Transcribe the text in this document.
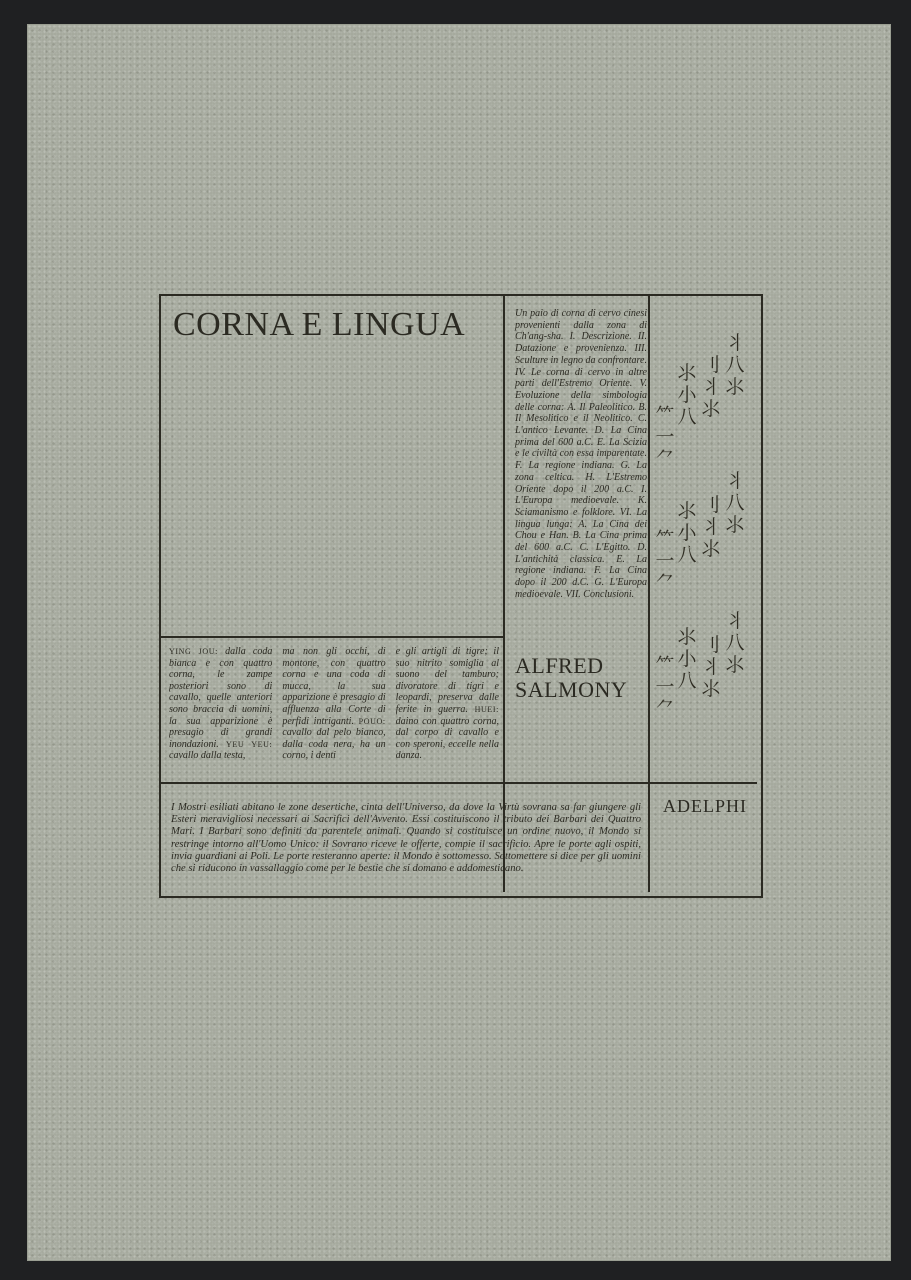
CORNA E LINGUA	Un paio di corna di cervo cinesi provenienti dalla zona di Ch'ang-sha. I. Descrizione. II. Datazione e provenienza. III. Sculture in legno da confrontare. IV. Le corna di cervo in altre parti dell'Estremo Oriente. V. Evoluzione della simbologia delle corna: A. Il Paleolitico. B. Il Mesolitico e il Neolitico. C. L'antico Levante. D. La Cina prima del 600 a.C. E. La Scizia e le civiltà con essa imparentate. F. La regione indiana. G. La zona celtica. H. L'Estremo Oriente dopo il 200 a.C. I. L'Europa medioevale. K. Sciamanismo e folklore. VI. La lingua lunga: A. La Cina dei Chou e Han. B. La Cina prima del 600 a.C. C. L'Egitto. D. L'antichità classica. E. La regione indiana. F. La Cina dopo il 200 d.C. G. L'Europa medioevale. VII. Conclusioni.
YING JOU: dalla coda bianca e con quattro corna, le zampe posteriori sono di cavallo, quelle anteriori sono braccia di uomini, la sua apparizione è presagio di grandi inondazioni. YEU YEU: cavallo dalla testa,
ma non gli occhi, di montone, con quattro corna e una coda di mucca, la sua apparizione è presagio di affluenza alla Corte di perfidi intriganti. POUO: cavallo dal pelo bianco, dalla coda nera, ha un corno, i denti
e gli artigli di tigre; il suo nitrito somiglia al suono del tamburo; divoratore di tigri e leopardi, preserva dalle ferite in guerra. HUEI: daino con quattro corna, dal corpo di cavallo e con speroni, eccelle nella danza.
ALFRED
SALMONY
I Mostri esiliati abitano le zone desertiche, cinta dell'Universo, da dove la Virtù sovrana sa far giungere gli Esteri meravigliosi necessari ai Sacrifici dell'Avvento. Essi costituiscono il tributo dei Barbari dei Quattro Mari. I Barbari sono definiti da parentele animali. Quando si costituisce un ordine nuovo, il Mondo si restringe intorno all'Uomo Unico: il Sovrano riceve le offerte, compie il sacrificio. Apre le porte agli ospiti, invia guardiani ai Poli. Le porte resteranno aperte: il Mondo è sottomesso. Sottomettere si dice per gli uomini che si riducono in vassallaggio come per le bestie che si domano e addomesticano.
ADELPHI
⺦
⼋
⺢
⺉
⺦
⺢
⺢
⼩
⼋
⺮
⼀
⺈
⺦
⼋
⺢
⺉
⺦
⺢
⺢
⼩
⼋
⺮
⼀
⺈
⺦
⼋
⺢
⺉
⺦
⺢
⺢
⼩
⼋
⺮
⼀
⺈
